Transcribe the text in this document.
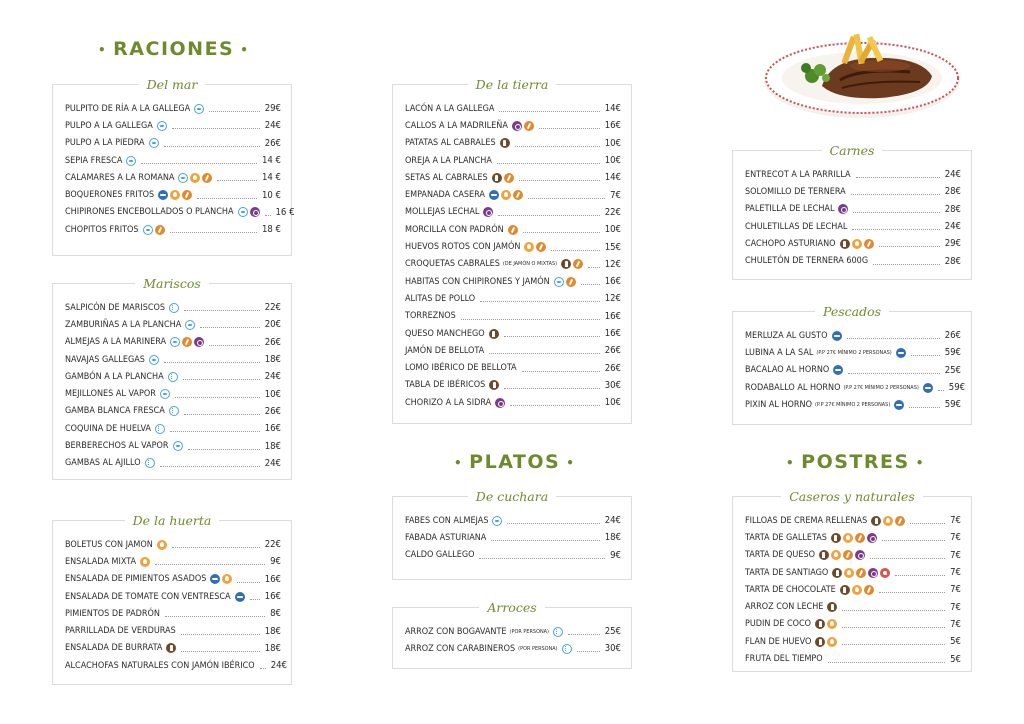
• RACIONES •
• PLATOS •	• POSTRES •
Del mar
PULPITO DE RÍA A LA GALLEGA	29€
PULPO A LA GALLEGA	24€
PULPO A LA PIEDRA	26€
SEPIA FRESCA	14 €
CALAMARES A LA ROMANA	14 €
BOQUERONES FRITOS	10 €
CHIPIRONES ENCEBOLLADOS O PLANCHA	16 €
CHOPITOS FRITOS	18 €
Mariscos
SALPICÓN DE MARISCOS	22€
ZAMBURIÑAS A LA PLANCHA	20€
ALMEJAS A LA MARINERA	26€
NAVAJAS GALLEGAS	18€
GAMBÓN A LA PLANCHA	24€
MEJILLONES AL VAPOR	10€
GAMBA BLANCA FRESCA	26€
COQUINA DE HUELVA	16€
BERBERECHOS AL VAPOR	18€
GAMBAS AL AJILLO	24€
De la huerta
BOLETUS CON JAMON	22€
ENSALADA MIXTA	9€
ENSALADA DE PIMIENTOS ASADOS	16€
ENSALADA DE TOMATE CON VENTRESCA	16€
PIMIENTOS DE PADRÓN	8€
PARRILLADA DE VERDURAS	18€
ENSALADA DE BURRATA	18€
ALCACHOFAS NATURALES CON JAMÓN IBÉRICO 24€
De la tierra
LACÓN A LA GALLEGA	14€
CALLOS A LA MADRILEÑA	16€
PATATAS AL CABRALES	10€
OREJA A LA PLANCHA	10€
SETAS AL CABRALES	14€
EMPANADA CASERA	7€
MOLLEJAS LECHAL	22€
MORCILLA CON PADRÓN	10€
HUEVOS ROTOS CON JAMÓN	15€
CROQUETAS CABRALES (DE JAMÓN O MIXTAS)	12€
HABITAS CON CHIPIRONES Y JAMÓN	16€
ALITAS DE POLLO	12€
TORREZNOS	16€
QUESO MANCHEGO	16€
JAMÓN DE BELLOTA	26€
LOMO IBÉRICO DE BELLOTA	26€
TABLA DE IBÉRICOS	30€
CHORIZO A LA SIDRA	10€
De cuchara
FABES CON ALMEJAS	24€
FABADA ASTURIANA	18€
CALDO GALLEGO	9€
Arroces
ARROZ CON BOGAVANTE (POR PERSONA)	25€
ARROZ CON CARABINEROS (POR PERSONA)	30€
Carnes
ENTRECOT A LA PARRILLA	24€
SOLOMILLO DE TERNERA	28€
PALETILLA DE LECHAL	28€
CHULETILLAS DE LECHAL	24€
CACHOPO ASTURIANO	29€
CHULETÓN DE TERNERA 600G	28€
Pescados
MERLUZA AL GUSTO	26€
LUBINA A LA SAL (P.P 27€ MÍNIMO 2 PERSONAS)	59€
BACALAO AL HORNO	25€
RODABALLO AL HORNO (P.P 27€ MÍNIMO 2 PERSONAS)	59€
PIXIN AL HORNO (P.P 27€ MÍNIMO 2 PERSONAS)	59€
Caseros y naturales
FILLOAS DE CREMA RELLENAS	7€
TARTA DE GALLETAS	7€
TARTA DE QUESO	7€
TARTA DE SANTIAGO	7€
TARTA DE CHOCOLATE	7€
ARROZ CON LECHE	7€
PUDIN DE COCO	7€
FLAN DE HUEVO	5€
FRUTA DEL TIEMPO	5€
